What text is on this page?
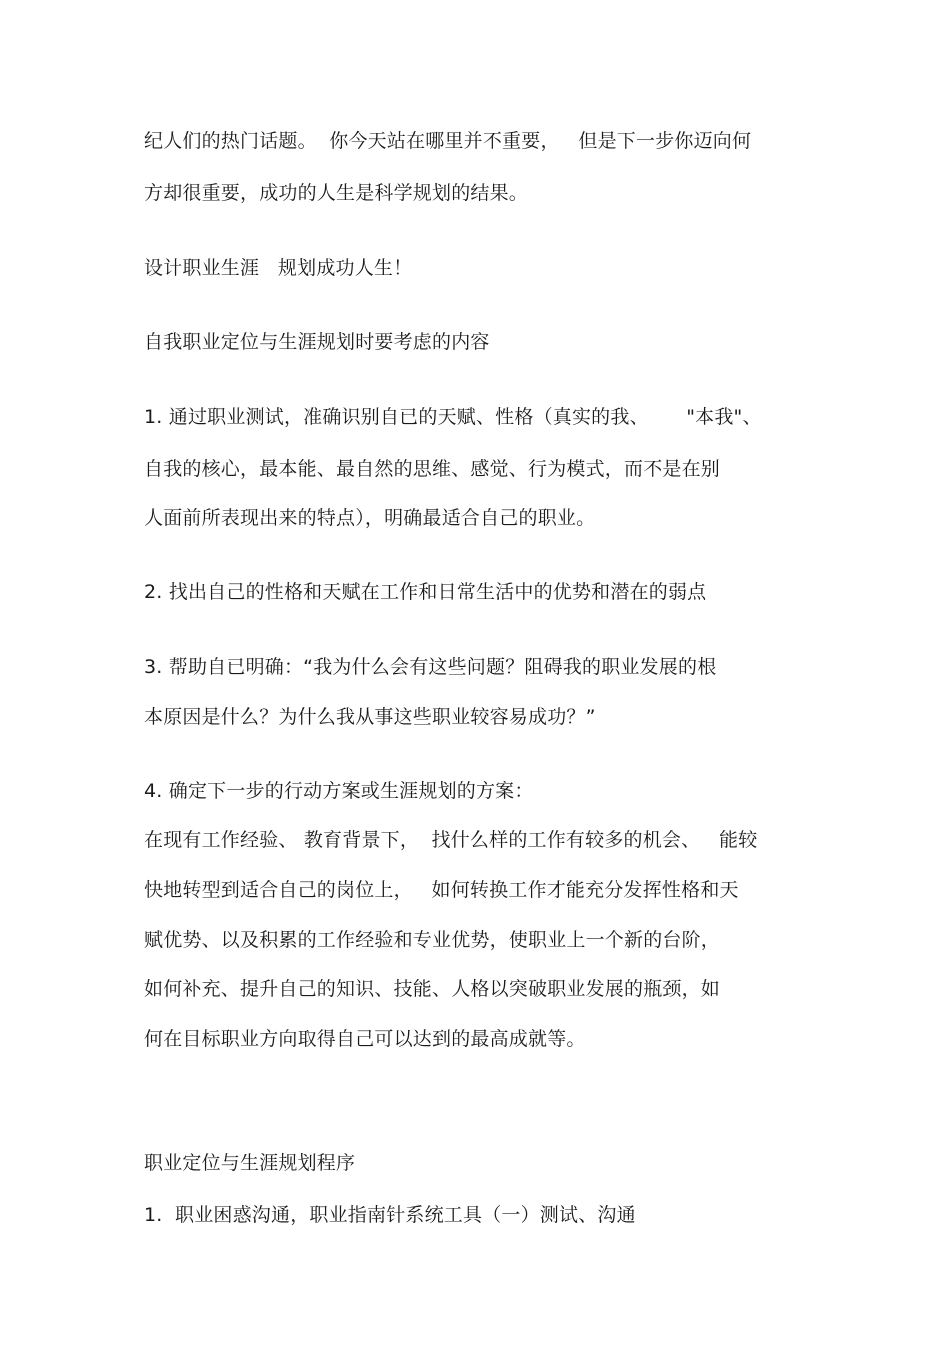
纪人们的热门话题。  你今天站在哪里并不重要，   但是下一步你迈向何
方却很重要，成功的人生是科学规划的结果。
设计职业生涯   规划成功人生！
自我职业定位与生涯规划时要考虑的内容
1. 通过职业测试，准确识别自已的天赋、性格（真实的我、      "本我"、
自我的核心，最本能、最自然的思维、感觉、行为模式，而不是在别
人面前所表现出来的特点），明确最适合自己的职业。
2. 找出自己的性格和天赋在工作和日常生活中的优势和潜在的弱点
3. 帮助自已明确：“我为什么会有这些问题？阻碍我的职业发展的根
本原因是什么？为什么我从事这些职业较容易成功？”
4. 确定下一步的行动方案或生涯规划的方案：
在现有工作经验、 教育背景下，  找什么样的工作有较多的机会、   能较
快地转型到适合自己的岗位上，   如何转换工作才能充分发挥性格和天
赋优势、以及积累的工作经验和专业优势，使职业上一个新的台阶，
如何补充、提升自己的知识、技能、人格以突破职业发展的瓶颈，如
何在目标职业方向取得自己可以达到的最高成就等。
职业定位与生涯规划程序
1.  职业困惑沟通，职业指南针系统工具（一）测试、沟通
